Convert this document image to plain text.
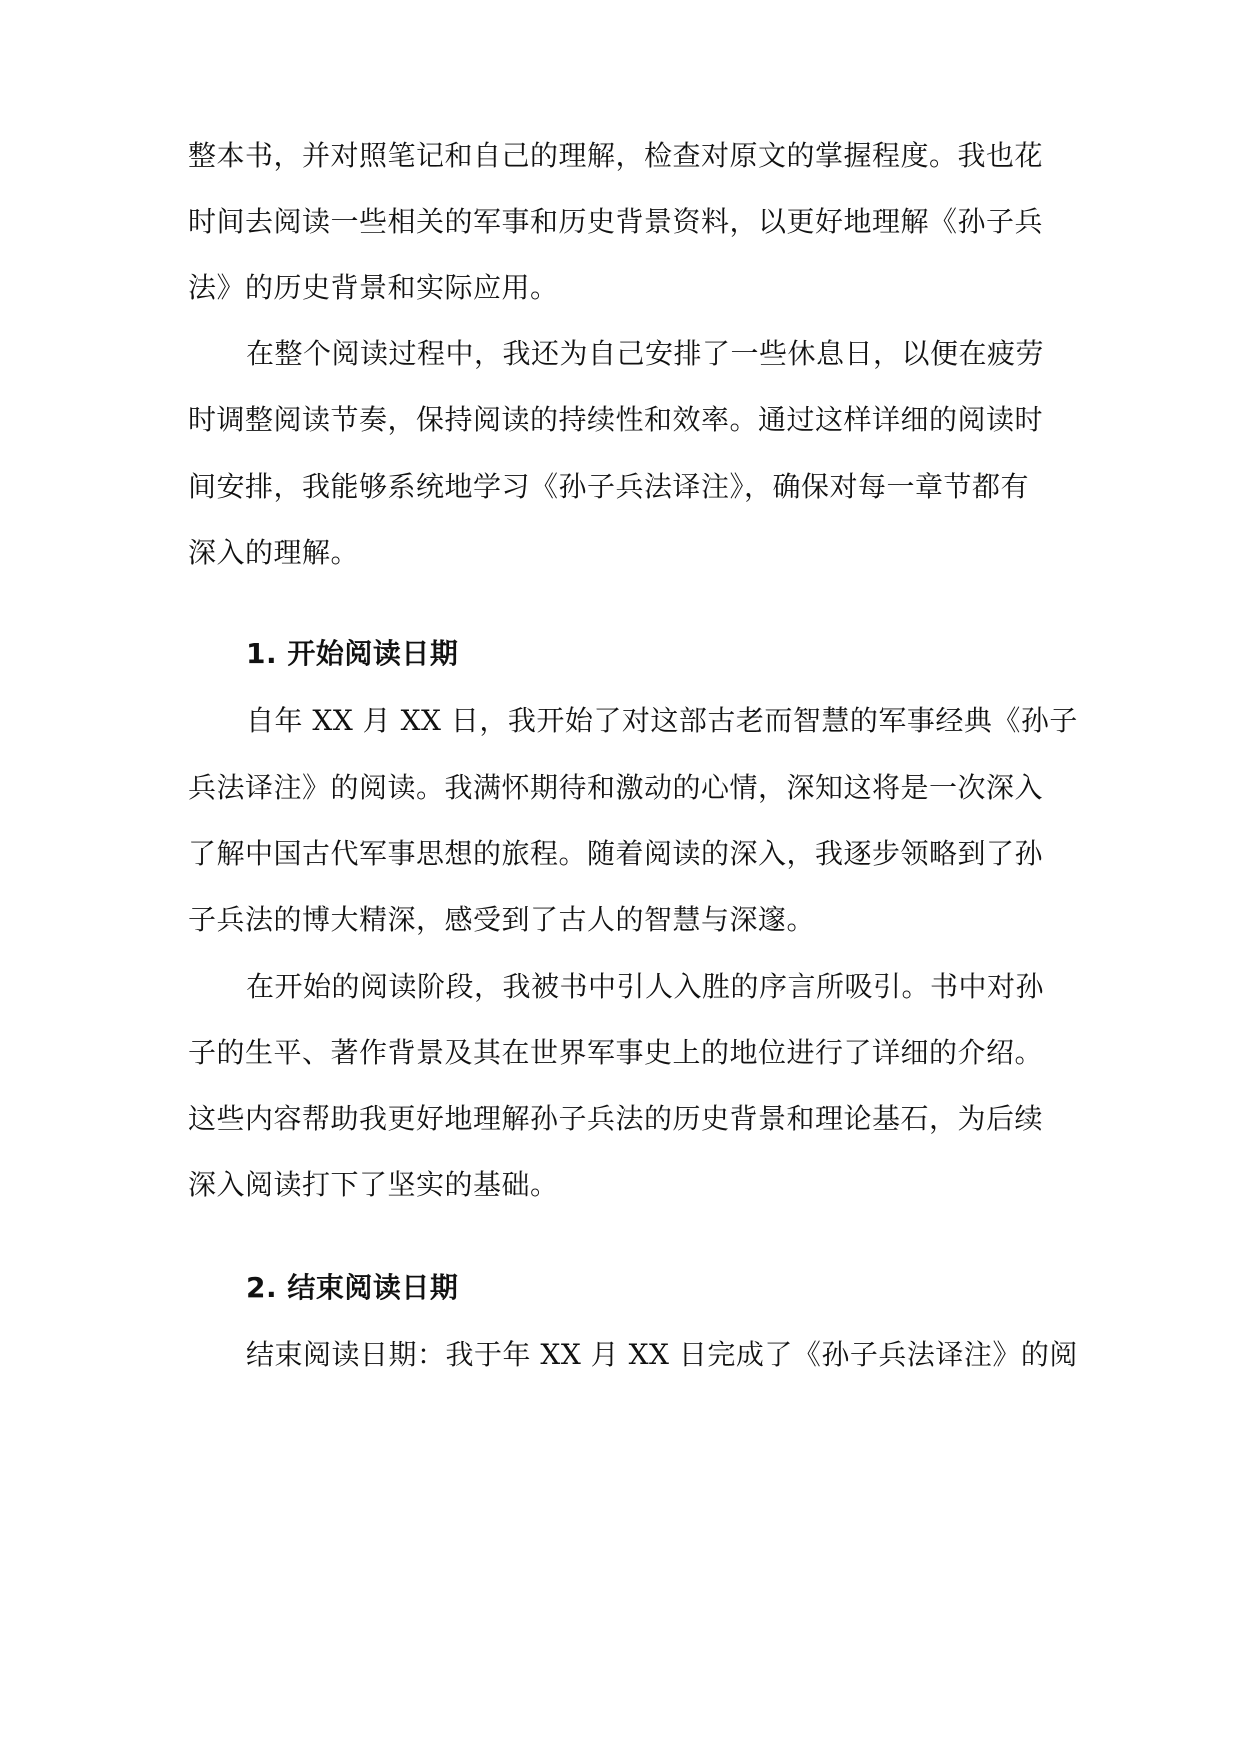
整本书，并对照笔记和自己的理解，检查对原文的掌握程度。我也花
时间去阅读一些相关的军事和历史背景资料，以更好地理解《孙子兵
法》的历史背景和实际应用。
在整个阅读过程中，我还为自己安排了一些休息日，以便在疲劳
时调整阅读节奏，保持阅读的持续性和效率。通过这样详细的阅读时
间安排，我能够系统地学习《孙子兵法译注》，确保对每一章节都有
深入的理解。
1. 开始阅读日期
自年 XX 月 XX 日，我开始了对这部古老而智慧的军事经典《孙子
兵法译注》的阅读。我满怀期待和激动的心情，深知这将是一次深入
了解中国古代军事思想的旅程。随着阅读的深入，我逐步领略到了孙
子兵法的博大精深，感受到了古人的智慧与深邃。
在开始的阅读阶段，我被书中引人入胜的序言所吸引。书中对孙
子的生平、著作背景及其在世界军事史上的地位进行了详细的介绍。
这些内容帮助我更好地理解孙子兵法的历史背景和理论基石，为后续
深入阅读打下了坚实的基础。
2. 结束阅读日期
结束阅读日期：我于年 XX 月 XX 日完成了《孙子兵法译注》的阅
